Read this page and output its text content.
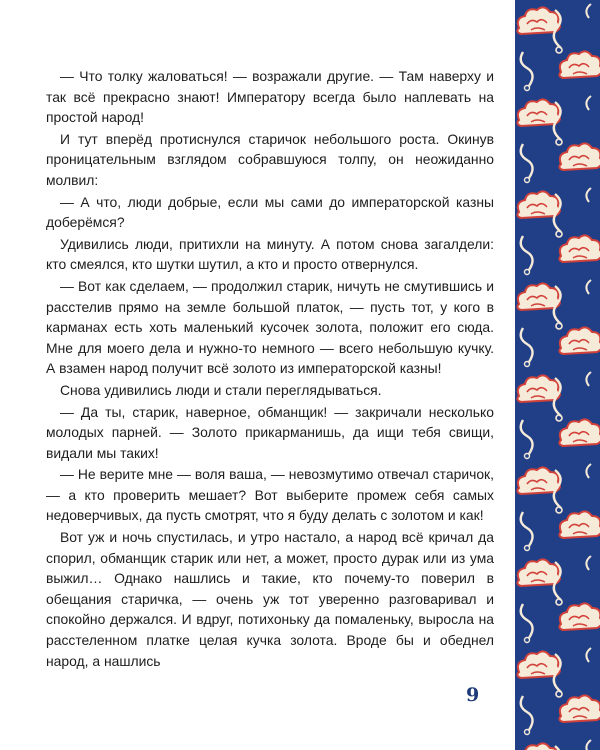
— Что толку жаловаться! — возражали другие. — Там наверху и так всё прекрасно знают! Императору всегда было наплевать на простой народ!

И тут вперёд протиснулся старичок небольшого роста. Окинув проницательным взглядом собравшуюся толпу, он неожиданно молвил:

— А что, люди добрые, если мы сами до императорской казны доберёмся?

Удивились люди, притихли на минуту. А потом снова загалдели: кто смеялся, кто шутки шутил, а кто и просто отвернулся.

— Вот как сделаем, — продолжил старик, ничуть не смутившись и расстелив прямо на земле большой платок, — пусть тот, у кого в карманах есть хоть маленький кусочек золота, положит его сюда. Мне для моего дела и нужно-то немного — всего небольшую кучку. А взамен народ получит всё золото из императорской казны!

Снова удивились люди и стали переглядываться.

— Да ты, старик, наверное, обманщик! — закричали несколько молодых парней. — Золото прикарманишь, да ищи тебя свищи, видали мы таких!

— Не верите мне — воля ваша, — невозмутимо отвечал старичок, — а кто проверить мешает? Вот выберите промеж себя самых недоверчивых, да пусть смотрят, что я буду делать с золотом и как!

Вот уж и ночь спустилась, и утро настало, а народ всё кричал да спорил, обманщик старик или нет, а может, просто дурак или из ума выжил… Однако нашлись и такие, кто почему-то поверил в обещания старичка, — очень уж тот уверенно разговаривал и спокойно держался. И вдруг, потихоньку да помаленьку, выросла на расстеленном платке целая кучка золота. Вроде бы и обеднел народ, а нашлись

9
